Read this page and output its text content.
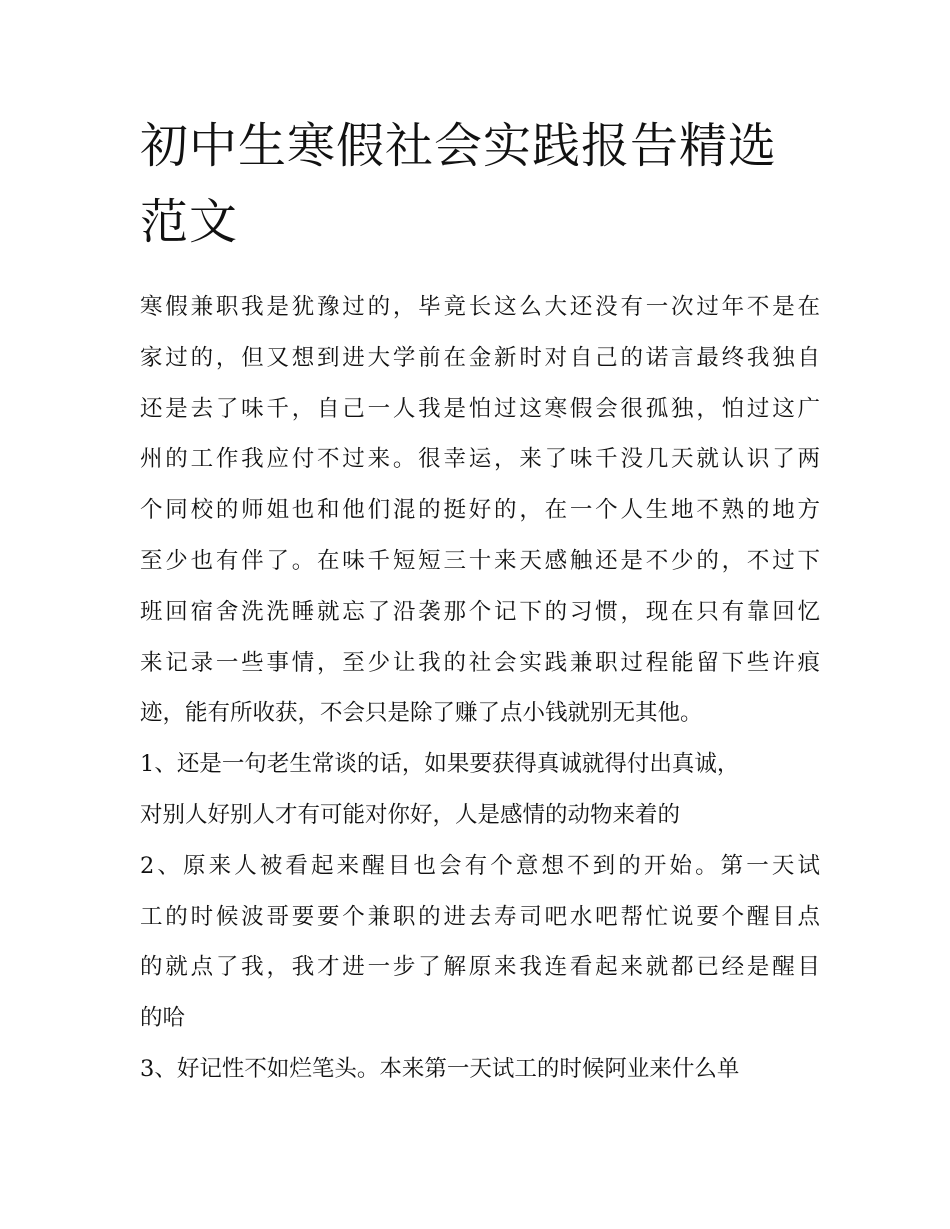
初中生寒假社会实践报告精选
范文
寒假兼职我是犹豫过的，毕竟长这么大还没有一次过年不是在
家过的，但又想到进大学前在金新时对自己的诺言最终我独自
还是去了味千，自己一人我是怕过这寒假会很孤独，怕过这广
州的工作我应付不过来。很幸运，来了味千没几天就认识了两
个同校的师姐也和他们混的挺好的，在一个人生地不熟的地方
至少也有伴了。在味千短短三十来天感触还是不少的，不过下
班回宿舍洗洗睡就忘了沿袭那个记下的习惯，现在只有靠回忆
来记录一些事情，至少让我的社会实践兼职过程能留下些许痕
迹，能有所收获，不会只是除了赚了点小钱就别无其他。
1、还是一句老生常谈的话，如果要获得真诚就得付出真诚，
对别人好别人才有可能对你好，人是感情的动物来着的
2、原来人被看起来醒目也会有个意想不到的开始。第一天试
工的时候波哥要要个兼职的进去寿司吧水吧帮忙说要个醒目点
的就点了我，我才进一步了解原来我连看起来就都已经是醒目
的哈
3、好记性不如烂笔头。本来第一天试工的时候阿业来什么单
